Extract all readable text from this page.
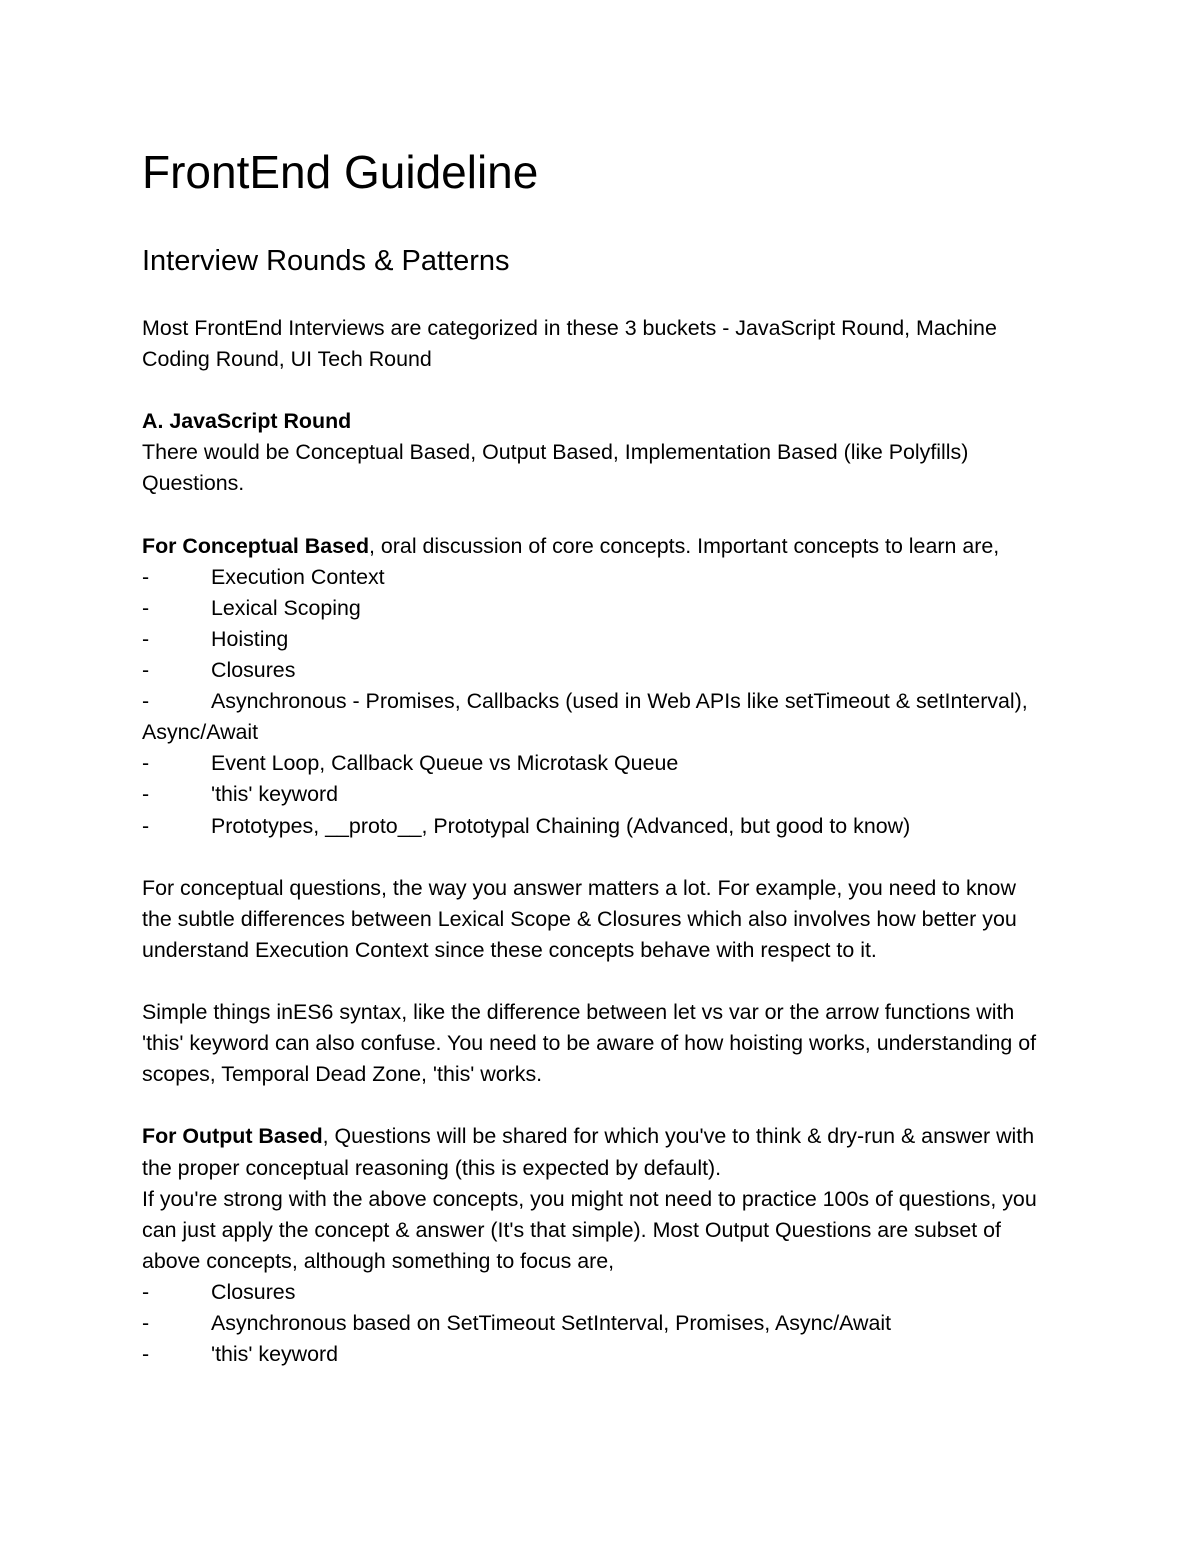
FrontEnd Guideline
Interview Rounds & Patterns

Most FrontEnd Interviews are categorized in these 3 buckets - JavaScript Round, Machine

Coding Round, UI Tech Round

A. JavaScript Round

There would be Conceptual Based, Output Based, Implementation Based (like Polyfills)

Questions.

For Conceptual Based, oral discussion of core concepts. Important concepts to learn are,

-	Execution Context
-	Lexical Scoping
-	Hoisting
-	Closures
-	Asynchronous - Promises, Callbacks (used in Web APIs like setTimeout & setInterval),

Async/Await

-	Event Loop, Callback Queue vs Microtask Queue
-	'this' keyword
-	Prototypes, __proto__, Prototypal Chaining (Advanced, but good to know)

For conceptual questions, the way you answer matters a lot. For example, you need to know

the subtle differences between Lexical Scope & Closures which also involves how better you

understand Execution Context since these concepts behave with respect to it.

Simple things inES6 syntax, like the difference between let vs var or the arrow functions with

'this' keyword can also confuse. You need to be aware of how hoisting works, understanding of

scopes, Temporal Dead Zone, 'this' works.

For Output Based, Questions will be shared for which you've to think & dry-run & answer with

the proper conceptual reasoning (this is expected by default).

If you're strong with the above concepts, you might not need to practice 100s of questions, you

can just apply the concept & answer (It's that simple). Most Output Questions are subset of

above concepts, although something to focus are,

-	Closures
-	Asynchronous based on SetTimeout SetInterval, Promises, Async/Await
-	'this' keyword
